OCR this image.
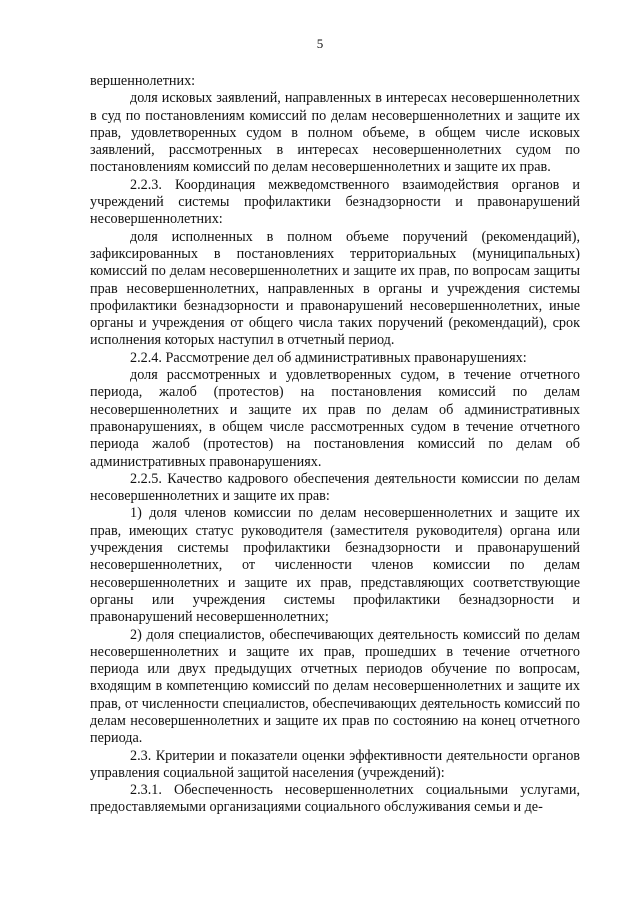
5

вершеннолетних:

доля исковых заявлений, направленных в интересах несовершеннолетних в суд по постановлениям комиссий по делам несовершеннолетних и защите их прав, удовлетворенных судом в полном объеме, в общем числе исковых заявлений, рассмотренных в интересах несовершеннолетних судом по постановлениям комиссий по делам несовершеннолетних и защите их прав.

2.2.3. Координация межведомственного взаимодействия органов и учреждений системы профилактики безнадзорности и правонарушений несовершеннолетних:

доля исполненных в полном объеме поручений (рекомендаций), зафиксированных в постановлениях территориальных (муниципальных) комиссий по делам несовершеннолетних и защите их прав, по вопросам защиты прав несовершеннолетних, направленных в органы и учреждения системы профилактики безнадзорности и правонарушений несовершеннолетних, иные органы и учреждения от общего числа таких поручений (рекомендаций), срок исполнения которых наступил в отчетный период.

2.2.4. Рассмотрение дел об административных правонарушениях:

доля рассмотренных и удовлетворенных судом, в течение отчетного периода, жалоб (протестов) на постановления комиссий по делам несовершеннолетних и защите их прав по делам об административных правонарушениях, в общем числе рассмотренных судом в течение отчетного периода жалоб (протестов) на постановления комиссий по делам об административных правонарушениях.

2.2.5. Качество кадрового обеспечения деятельности комиссии по делам несовершеннолетних и защите их прав:

1) доля членов комиссии по делам несовершеннолетних и защите их прав, имеющих статус руководителя (заместителя руководителя) органа или учреждения системы профилактики безнадзорности и правонарушений несовершеннолетних, от численности членов комиссии по делам несовершеннолетних и защите их прав, представляющих соответствующие органы или учреждения системы профилактики безнадзорности и правонарушений несовершеннолетних;

2) доля специалистов, обеспечивающих деятельность комиссий по делам несовершеннолетних и защите их прав, прошедших в течение отчетного периода или двух предыдущих отчетных периодов обучение по вопросам, входящим в компетенцию комиссий по делам несовершеннолетних и защите их прав, от численности специалистов, обеспечивающих деятельность комиссий по делам несовершеннолетних и защите их прав по состоянию на конец отчетного периода.

2.3. Критерии и показатели оценки эффективности деятельности органов управления социальной защитой населения (учреждений):

2.3.1. Обеспеченность несовершеннолетних социальными услугами, предоставляемыми организациями социального обслуживания семьи и де-
